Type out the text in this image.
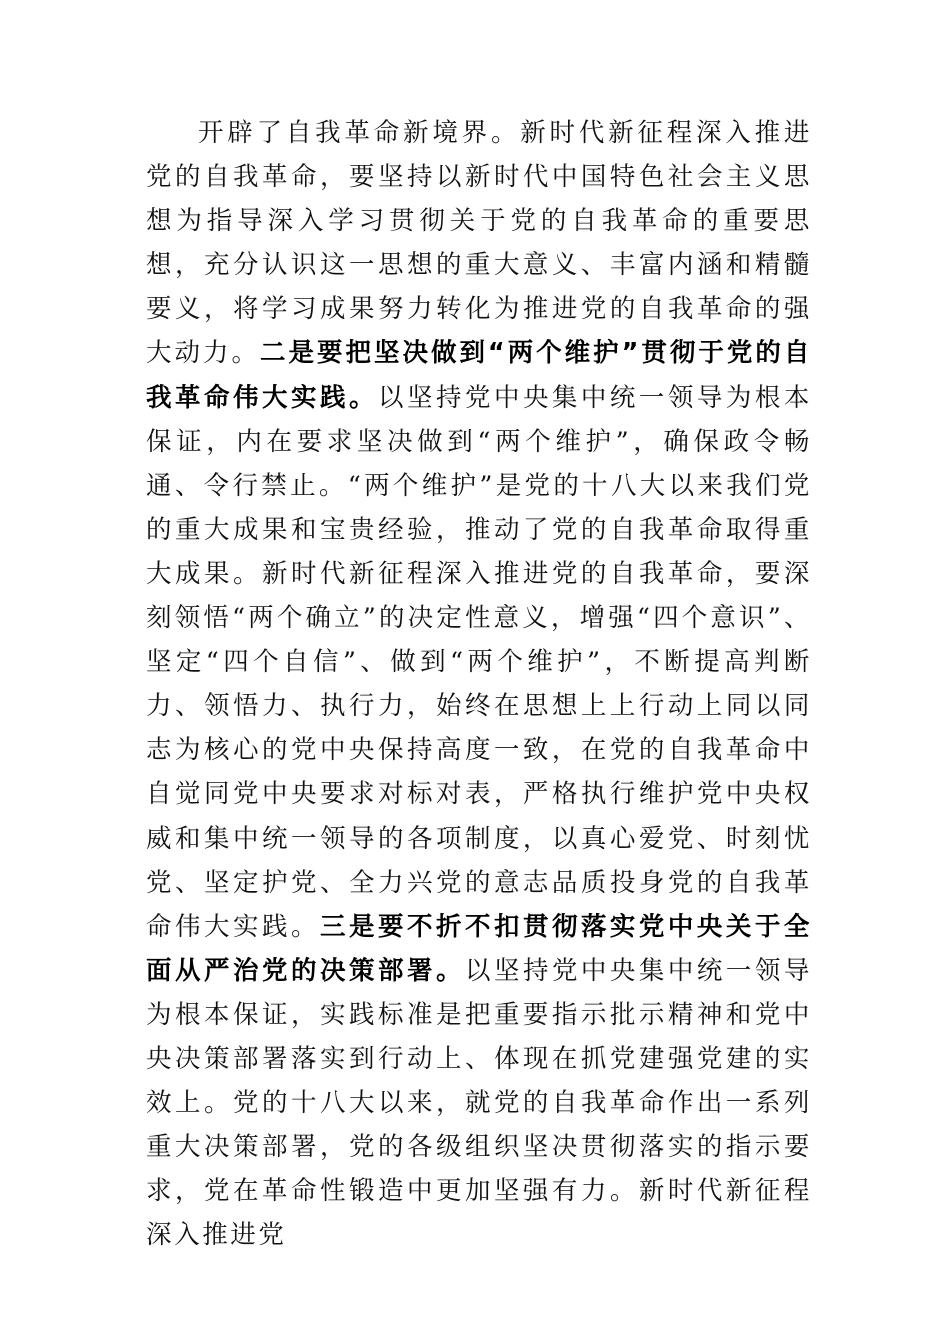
开辟了自我革命新境界。新时代新征程深入推进党的自我革命，要坚持以新时代中国特色社会主义思想为指导深入学习贯彻关于党的自我革命的重要思想，充分认识这一思想的重大意义、丰富内涵和精髓要义，将学习成果努力转化为推进党的自我革命的强大动力。二是要把坚决做到“两个维护”贯彻于党的自我革命伟大实践。以坚持党中央集中统一领导为根本保证，内在要求坚决做到“两个维护”，确保政令畅通、令行禁止。“两个维护”是党的十八大以来我们党的重大成果和宝贵经验，推动了党的自我革命取得重大成果。新时代新征程深入推进党的自我革命，要深刻领悟“两个确立”的决定性意义，增强“四个意识”、坚定“四个自信”、做到“两个维护”，不断提高判断力、领悟力、执行力，始终在思想上上行动上同以同志为核心的党中央保持高度一致，在党的自我革命中自觉同党中央要求对标对表，严格执行维护党中央权威和集中统一领导的各项制度，以真心爱党、时刻忧党、坚定护党、全力兴党的意志品质投身党的自我革命伟大实践。三是要不折不扣贯彻落实党中央关于全面从严治党的决策部署。以坚持党中央集中统一领导为根本保证，实践标准是把重要指示批示精神和党中央决策部署落实到行动上、体现在抓党建强党建的实效上。党的十八大以来，就党的自我革命作出一系列重大决策部署，党的各级组织坚决贯彻落实的指示要求，党在革命性锻造中更加坚强有力。新时代新征程深入推进党
